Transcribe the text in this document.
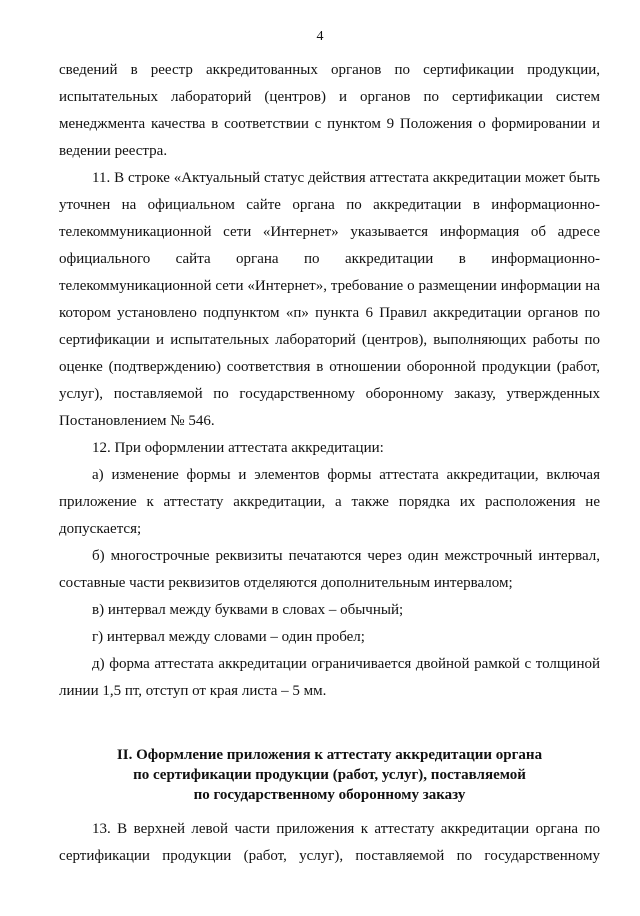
4

сведений в реестр аккредитованных органов по сертификации продукции, испытательных лабораторий (центров) и органов по сертификации систем менеджмента качества в соответствии с пунктом 9 Положения о формировании и ведении реестра.

11. В строке «Актуальный статус действия аттестата аккредитации может быть уточнен на официальном сайте органа по аккредитации в информационно-телекоммуникационной сети «Интернет» указывается информация об адресе официального сайта органа по аккредитации в информационно-телекоммуникационной сети «Интернет», требование о размещении информации на котором установлено подпунктом «п» пункта 6 Правил аккредитации органов по сертификации и испытательных лабораторий (центров), выполняющих работы по оценке (подтверждению) соответствия в отношении оборонной продукции (работ, услуг), поставляемой по государственному оборонному заказу, утвержденных Постановлением № 546.

12. При оформлении аттестата аккредитации:

а) изменение формы и элементов формы аттестата аккредитации, включая приложение к аттестату аккредитации, а также порядка их расположения не допускается;

б) многострочные реквизиты печатаются через один межстрочный интервал, составные части реквизитов отделяются дополнительным интервалом;

в) интервал между буквами в словах – обычный;

г) интервал между словами – один пробел;

д) форма аттестата аккредитации ограничивается двойной рамкой с толщиной линии 1,5 пт, отступ от края листа – 5 мм.

II. Оформление приложения к аттестату аккредитации органа
по сертификации продукции (работ, услуг), поставляемой
по государственному оборонному заказу

13. В верхней левой части приложения к аттестату аккредитации органа по сертификации продукции (работ, услуг), поставляемой по государственному
